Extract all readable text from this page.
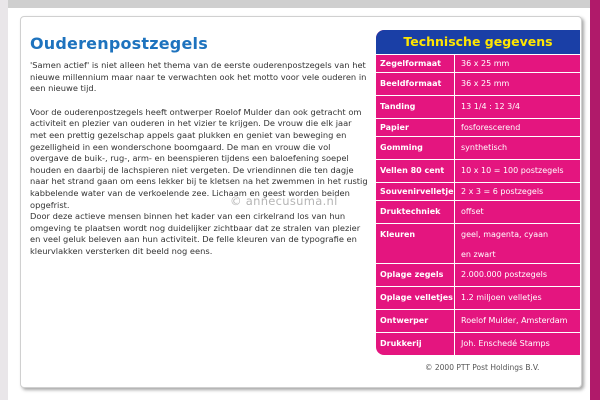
Ouderenpostzegels

'Samen actief' is niet alleen het thema van de eerste ouderenpostzegels van het nieuwe millennium maar naar te verwachten ook het motto voor vele ouderen in een nieuwe tijd.

Voor de ouderenpostzegels heeft ontwerper Roelof Mulder dan ook getracht om activiteit en plezier van ouderen in het vizier te krijgen. De vrouw die elk jaar met een prettig gezelschap appels gaat plukken en geniet van beweging en gezelligheid in een wonderschone boomgaard. De man en vrouw die vol overgave de buik-, rug-, arm- en beenspieren tijdens een baloefening soepel houden en daarbij de lachspieren niet vergeten. De vriendinnen die ten dagje naar het strand gaan om eens lekker bij te kletsen na het zwemmen in het rustig kabbelende water van de verkoelende zee. Lichaam en geest worden beiden opgefrist.

Door deze actieve mensen binnen het kader van een cirkelrand los van hun omgeving te plaatsen wordt nog duidelijker zichtbaar dat ze stralen van plezier en veel geluk beleven aan hun activiteit. De felle kleuren van de typografie en kleurvlakken versterken dit beeld nog eens.

Technische gegevens
Zegelformaat	36 x 25 mm
Beeldformaat	36 x 25 mm
Tanding	13 1/4 : 12 3/4
Papier	fosforescerend
Gomming	synthetisch
Vellen 80 cent	10 x 10 = 100 postzegels
Souvenirvelletje	2 x 3 = 6 postzegels
Druktechniek	offset
Kleuren	geel, magenta, cyaan
	en zwart
Oplage zegels	2.000.000 postzegels
Oplage velletjes	1.2 miljoen velletjes
Ontwerper	Roelof Mulder, Amsterdam
Drukkerij	Joh. Enschedé Stamps

© annecusuma.nl
© 2000 PTT Post Holdings B.V.
